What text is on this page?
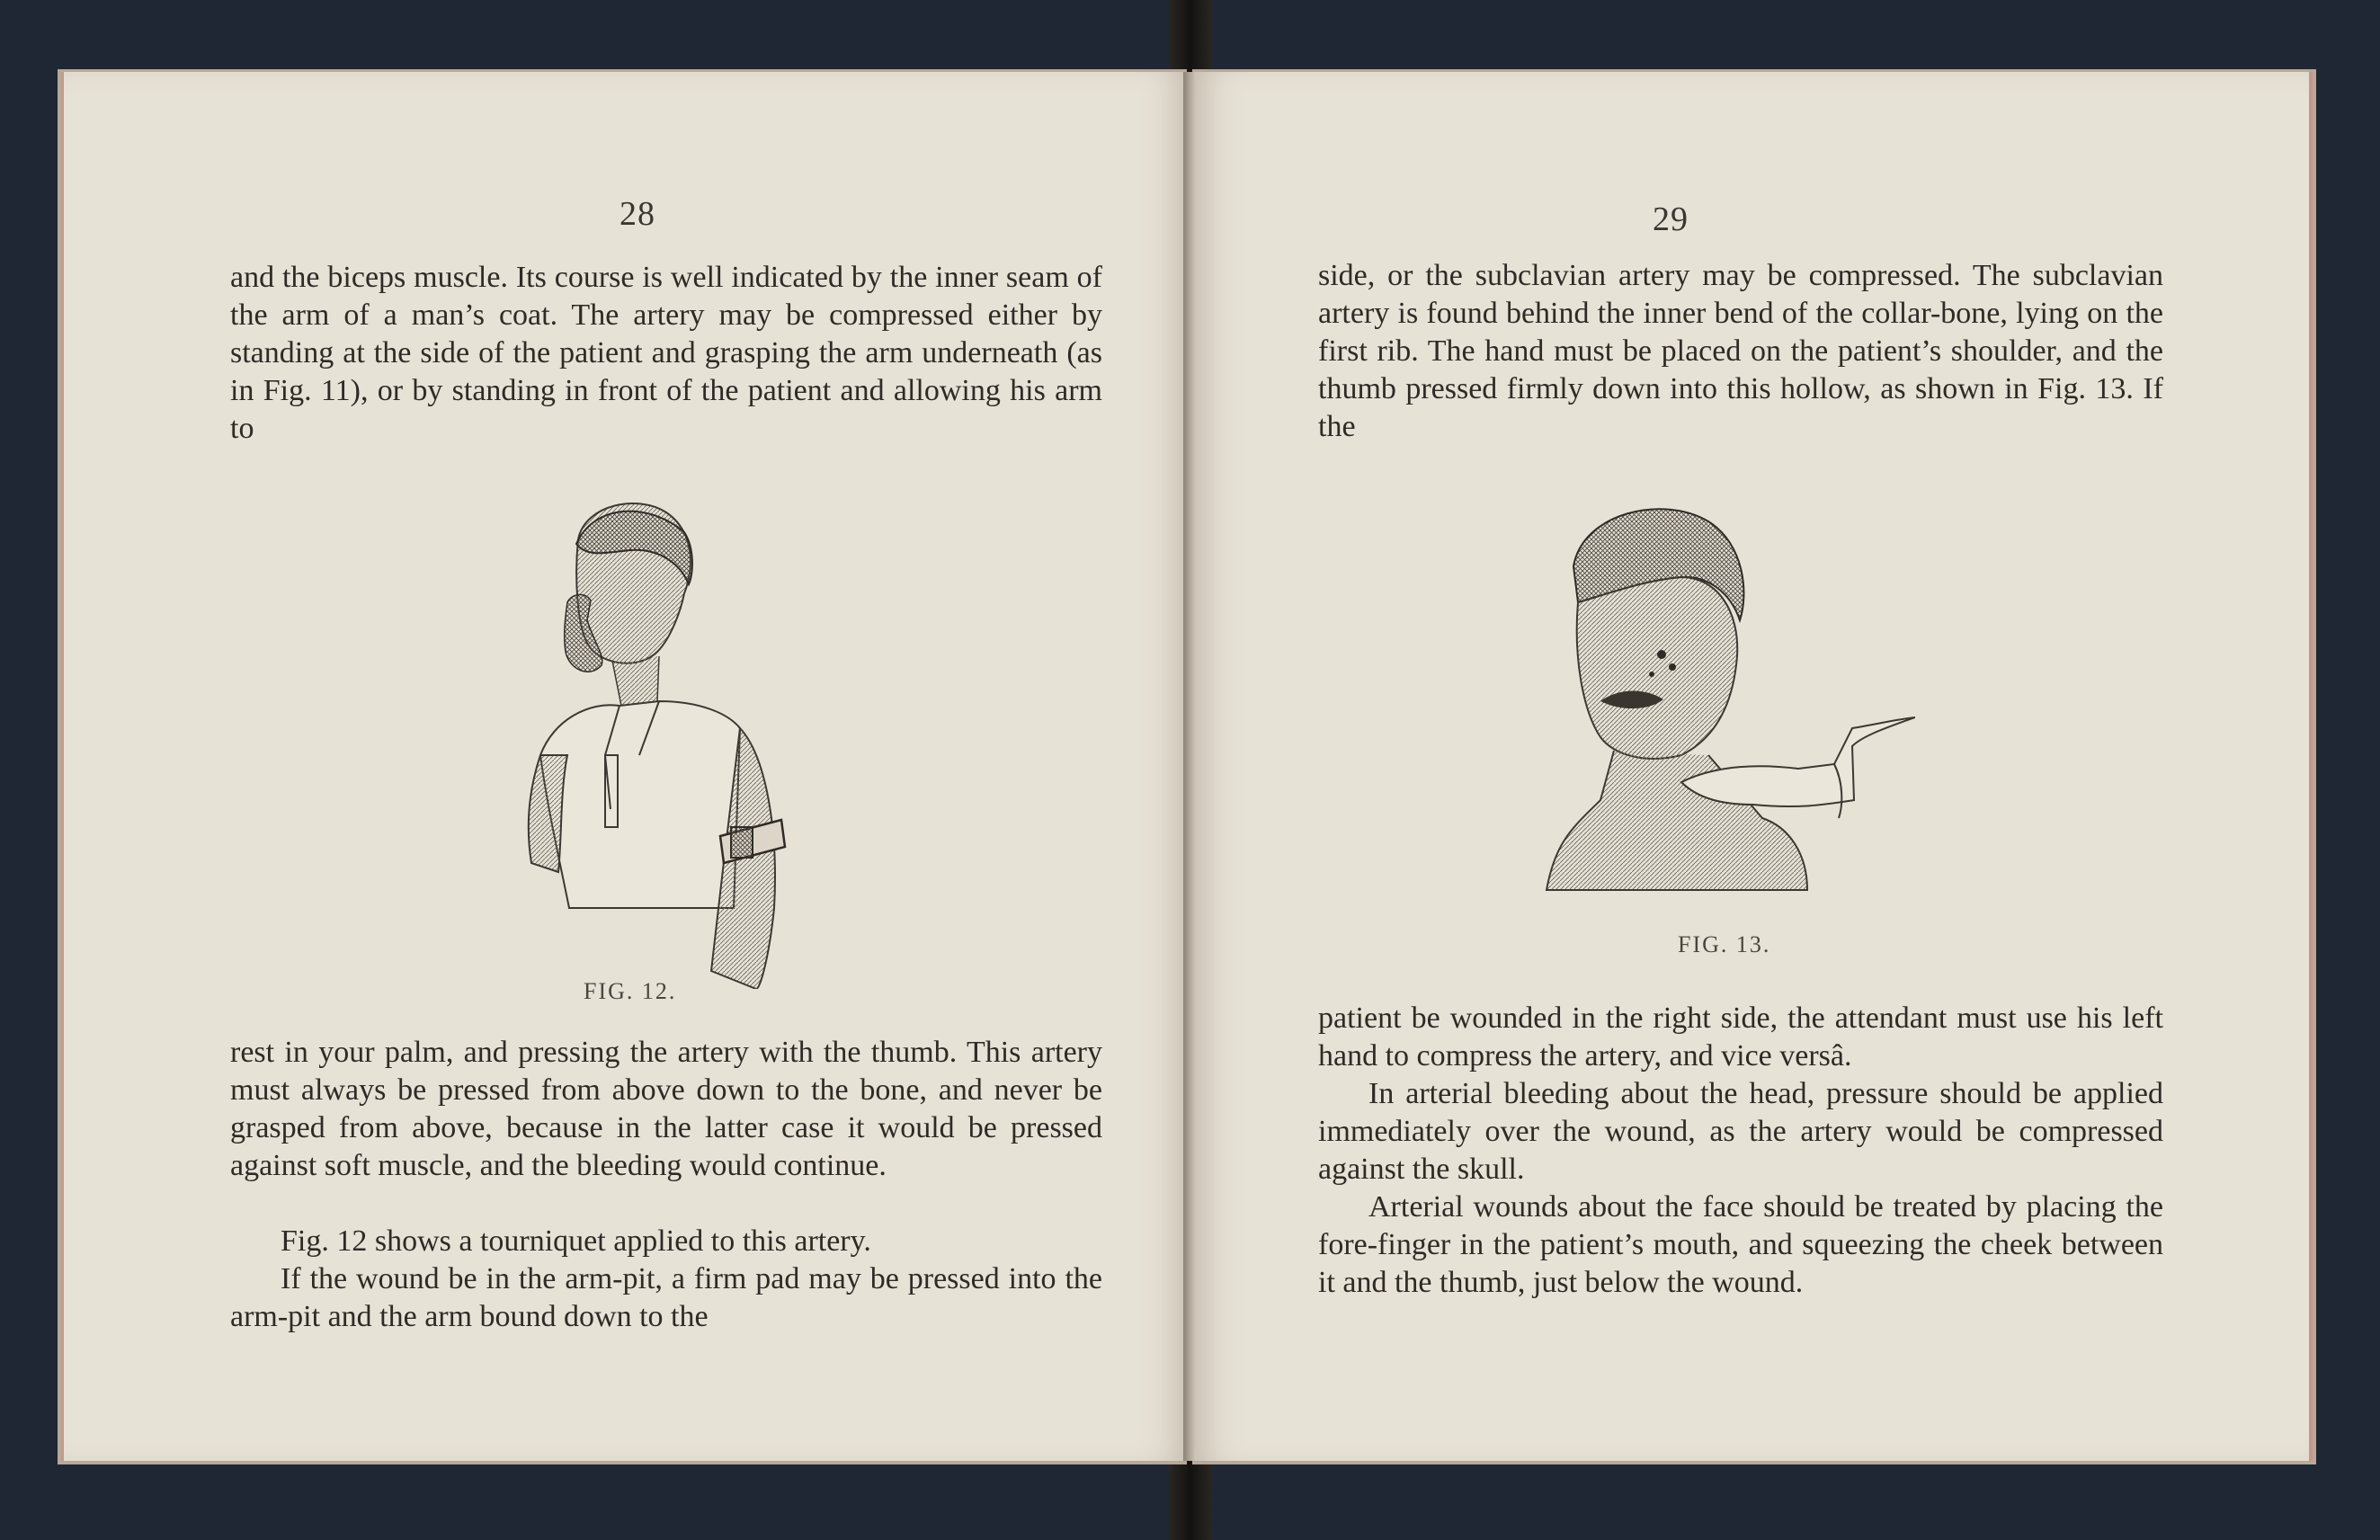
28

and the biceps muscle. Its course is well indicated by the inner seam of the arm of a man’s coat. The artery may be compressed either by standing at the side of the patient and grasping the arm underneath (as in Fig. 11), or by standing in front of the patient and allowing his arm to

FIG. 12.

rest in your palm, and pressing the artery with the thumb. This artery must always be pressed from above down to the bone, and never be grasped from above, because in the latter case it would be pressed against soft muscle, and the bleeding would continue.

Fig. 12 shows a tourniquet applied to this artery.

If the wound be in the arm-pit, a firm pad may be pressed into the arm-pit and the arm bound down to the

29

side, or the subclavian artery may be compressed. The subclavian artery is found behind the inner bend of the collar-bone, lying on the first rib. The hand must be placed on the patient’s shoulder, and the thumb pressed firmly down into this hollow, as shown in Fig. 13. If the

FIG. 13.

patient be wounded in the right side, the attendant must use his left hand to compress the artery, and vice versâ.

In arterial bleeding about the head, pressure should be applied immediately over the wound, as the artery would be compressed against the skull.

Arterial wounds about the face should be treated by placing the fore-finger in the patient’s mouth, and squeezing the cheek between it and the thumb, just below the wound.
